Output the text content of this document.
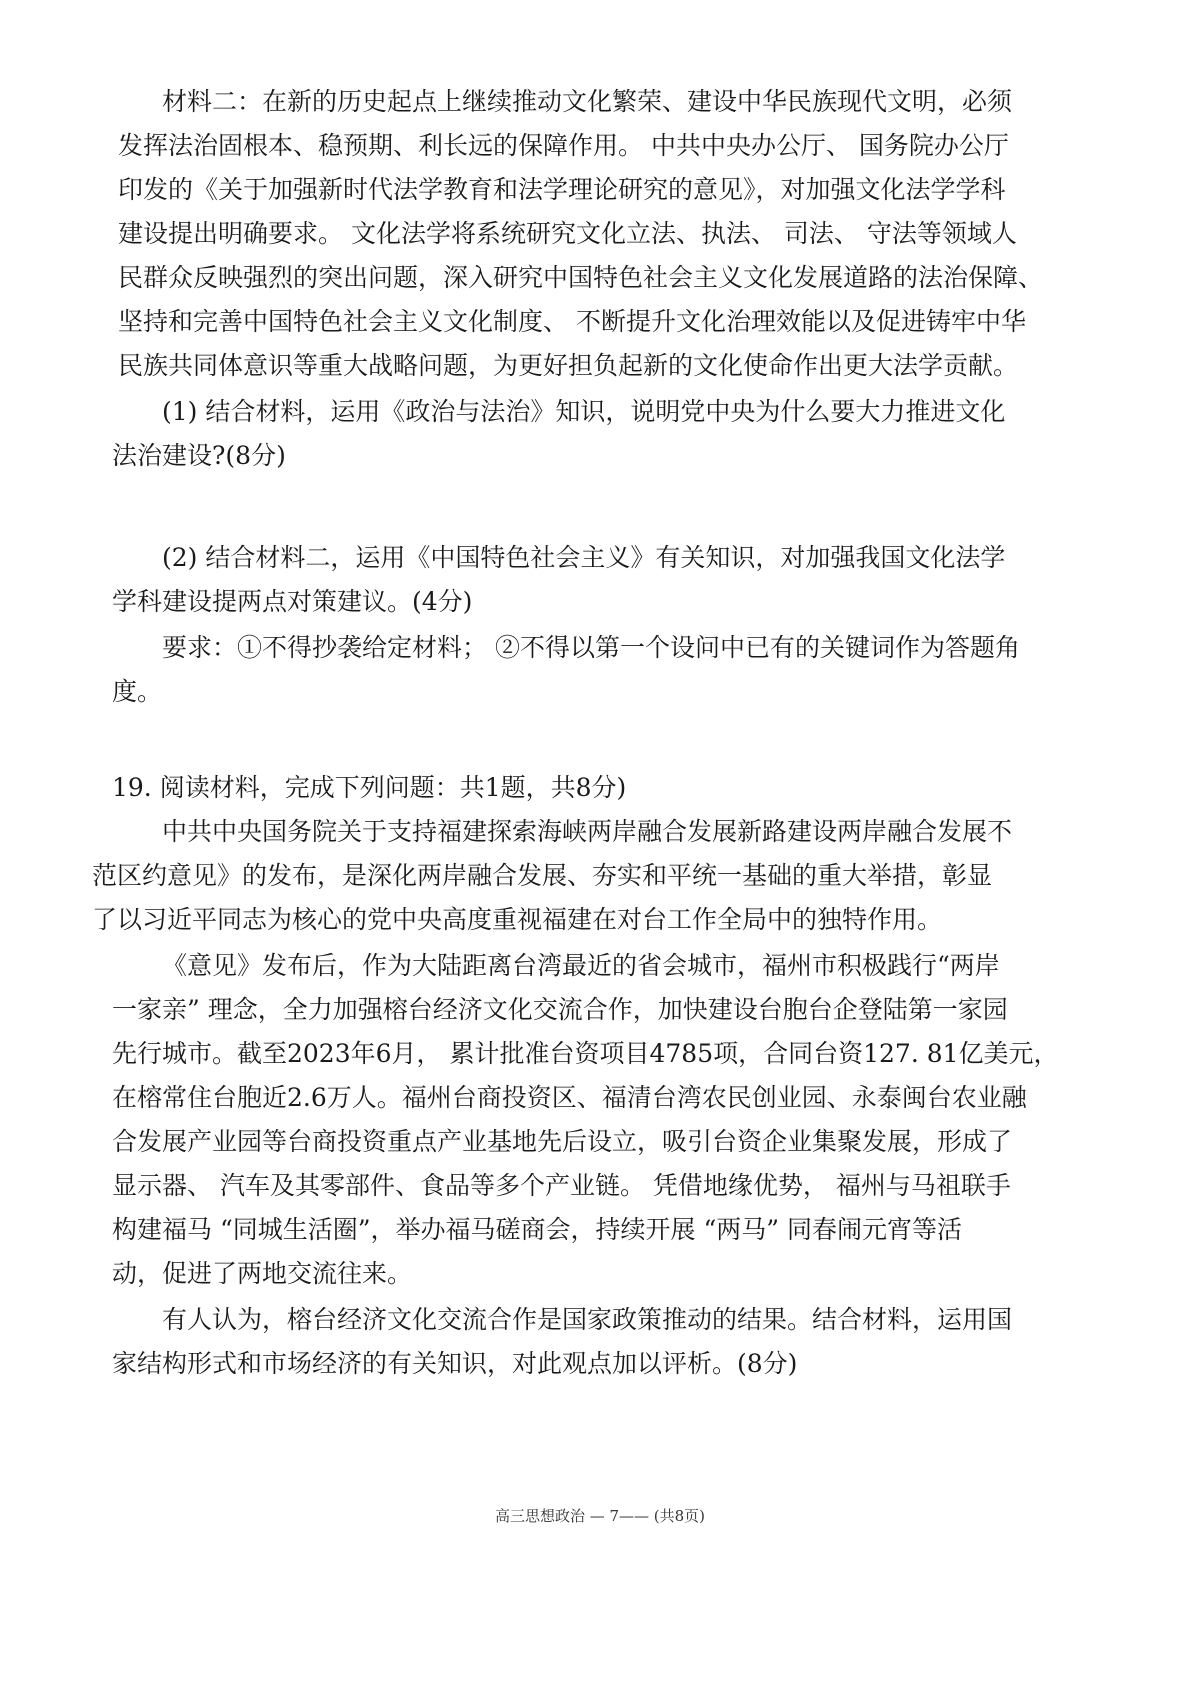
材料二：在新的历史起点上继续推动文化繁荣、建设中华民族现代文明，必须

发挥法治固根本、稳预期、利长远的保障作用。 中共中央办公厅、 国务院办公厅

印发的《关于加强新时代法学教育和法学理论研究的意见》，对加强文化法学学科

建设提出明确要求。 文化法学将系统研究文化立法、执法、 司法、 守法等领域人

民群众反映强烈的突出问题，深入研究中国特色社会主义文化发展道路的法治保障、

坚持和完善中国特色社会主义文化制度、 不断提升文化治理效能以及促进铸牢中华

民族共同体意识等重大战略问题，为更好担负起新的文化使命作出更大法学贡献。

(1) 结合材料，运用《政治与法治》知识，说明党中央为什么要大力推进文化

法治建设?(8分)

(2) 结合材料二，运用《中国特色社会主义》有关知识，对加强我国文化法学

学科建设提两点对策建议。(4分)

要求：①不得抄袭给定材料； ②不得以第一个设问中已有的关键词作为答题角

度。

19. 阅读材料，完成下列问题：共1题，共8分)

中共中央国务院关于支持福建探索海峡两岸融合发展新路建设两岸融合发展不

范区约意见》的发布，是深化两岸融合发展、夯实和平统一基础的重大举措，彰显

了以习近平同志为核心的党中央高度重视福建在对台工作全局中的独特作用。

《意见》发布后，作为大陆距离台湾最近的省会城市，福州市积极践行“两岸

一家亲” 理念，全力加强榕台经济文化交流合作，加快建设台胞台企登陆第一家园

先行城市。截至2023年6月， 累计批准台资项目4785项，合同台资127. 81亿美元，

在榕常住台胞近2.6万人。福州台商投资区、福清台湾农民创业园、永泰闽台农业融

合发展产业园等台商投资重点产业基地先后设立，吸引台资企业集聚发展，形成了

显示器、 汽车及其零部件、食品等多个产业链。 凭借地缘优势， 福州与马祖联手

构建福马 “同城生活圈”，举办福马磋商会，持续开展 “两马” 同春闹元宵等活

动，促进了两地交流往来。

有人认为，榕台经济文化交流合作是国家政策推动的结果。结合材料，运用国

家结构形式和市场经济的有关知识，对此观点加以评析。(8分)

高三思想政治 — 7—— (共8页)
